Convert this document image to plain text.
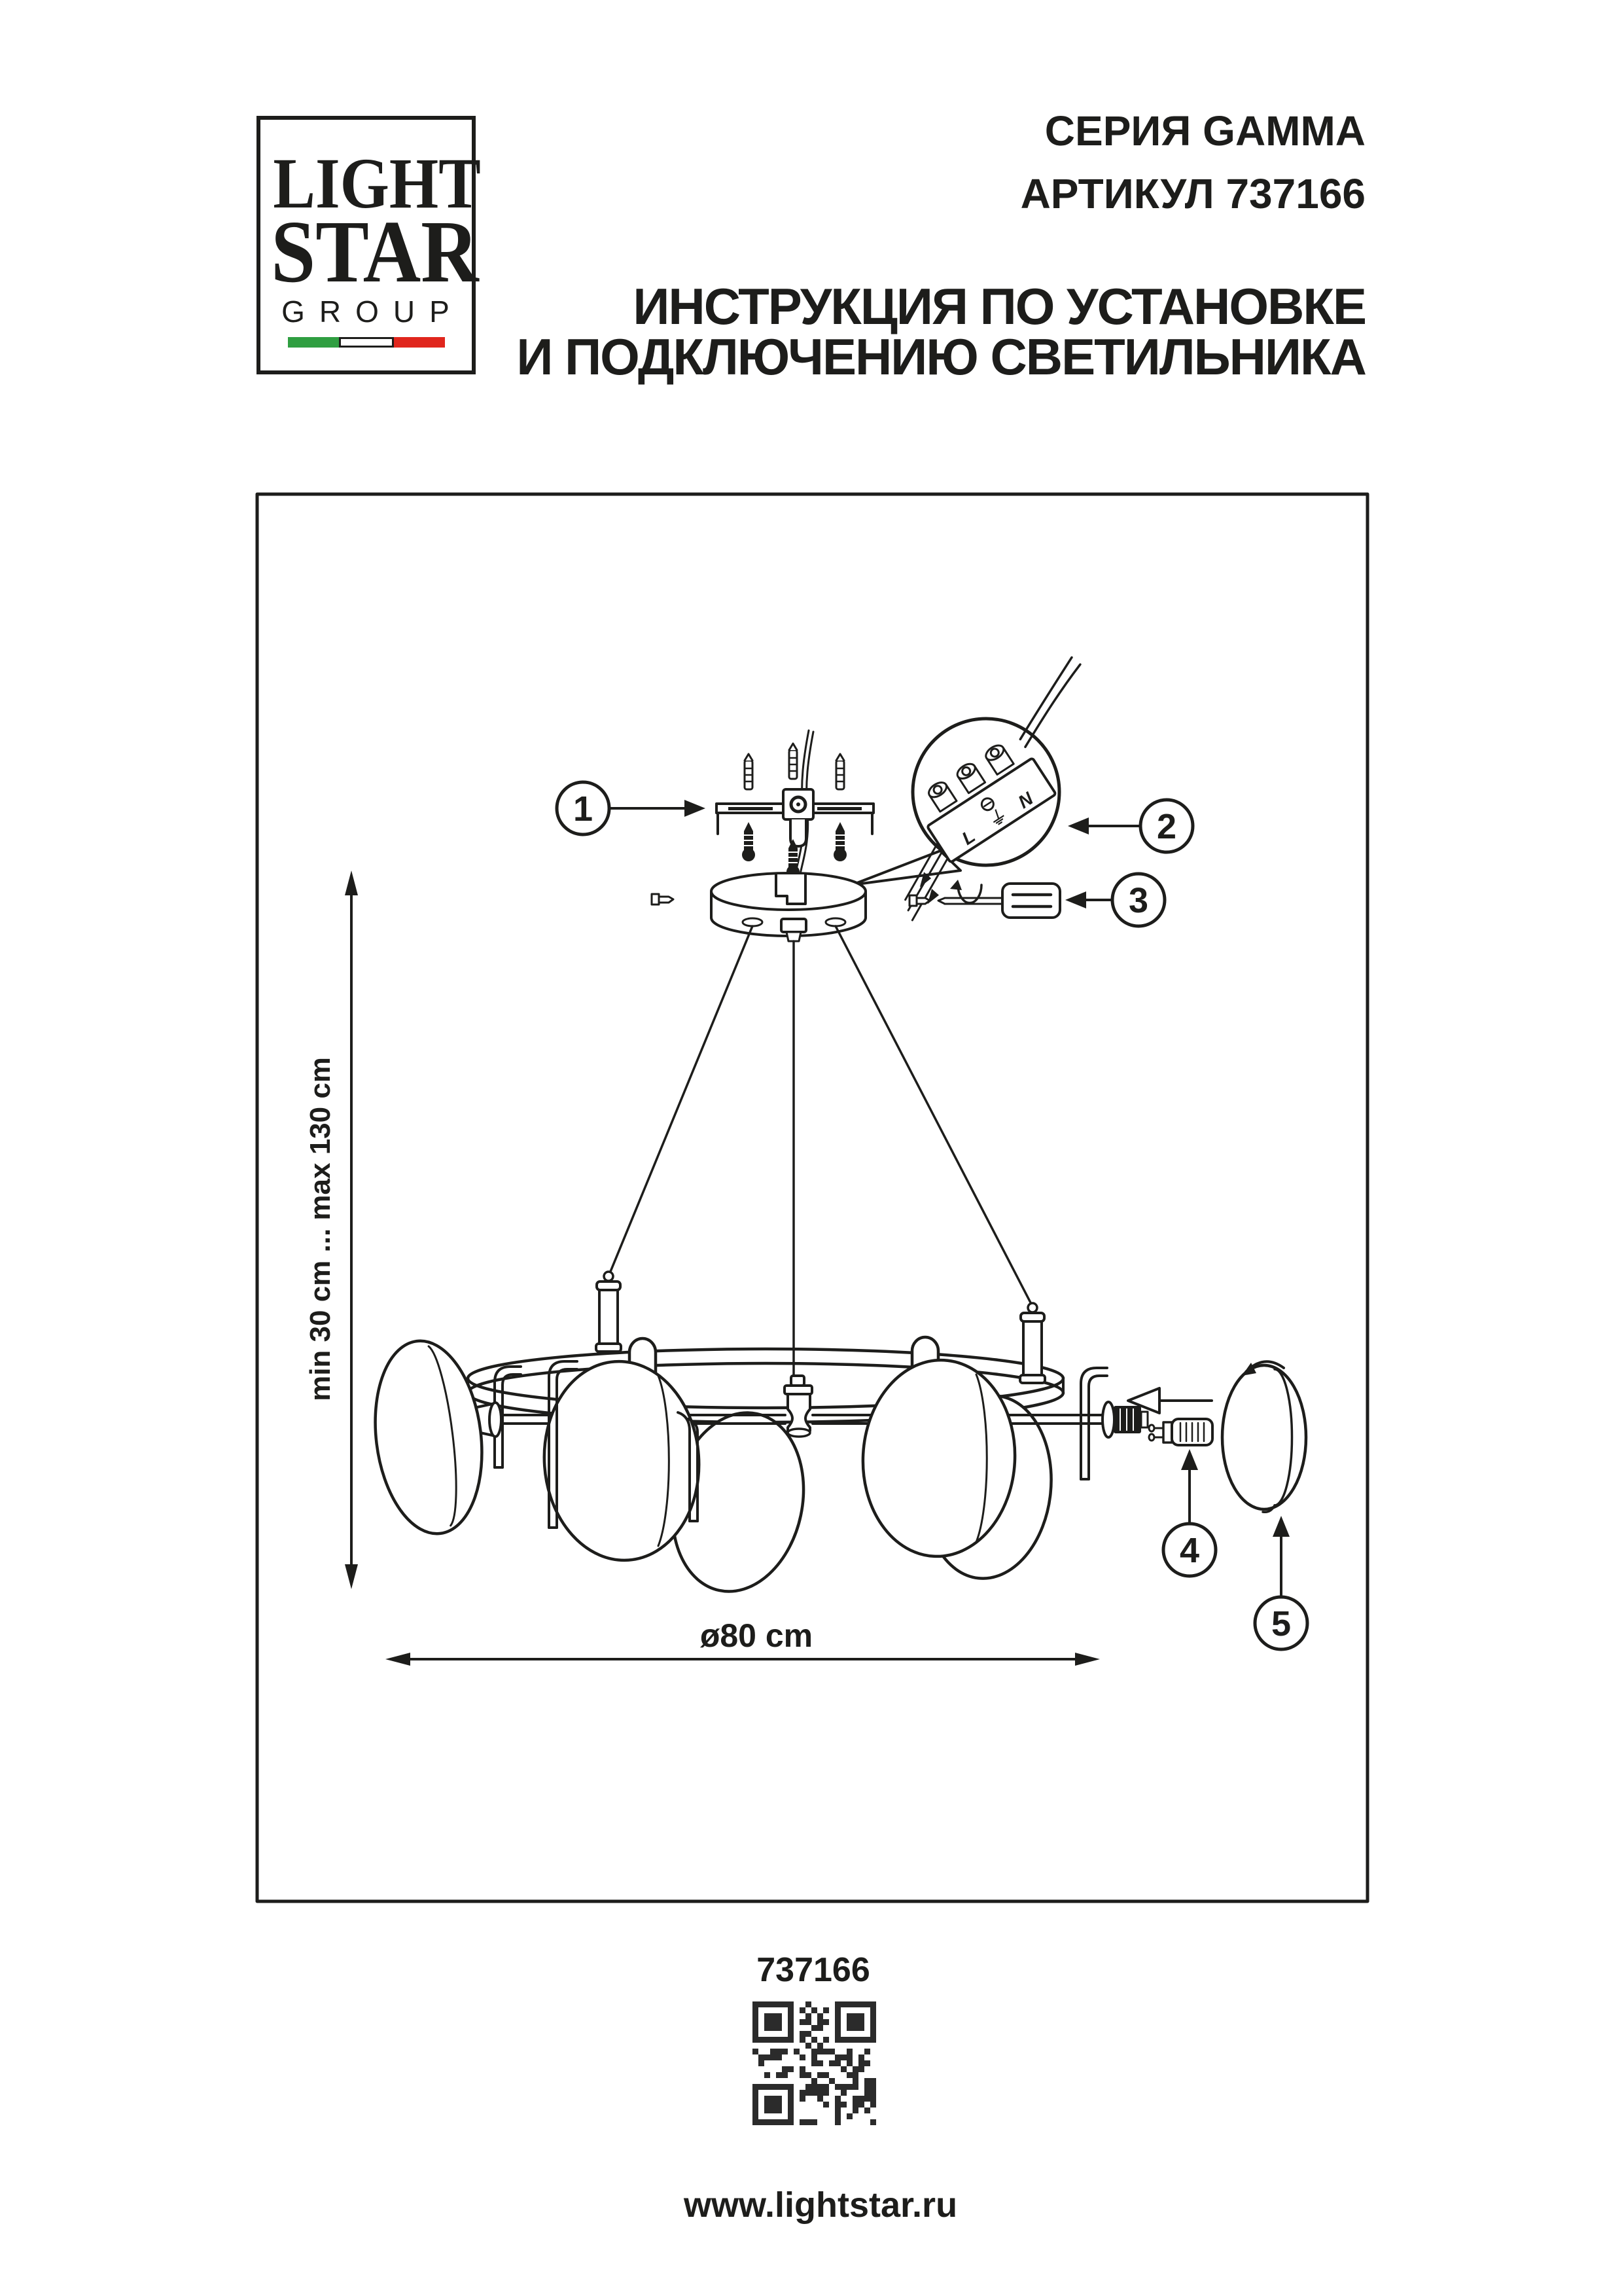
LIGHT
STAR
GROUP
СЕРИЯ GAMMA
АРТИКУЛ 737166
ИНСТРУКЦИЯ ПО УСТАНОВКЕ
И ПОДКЛЮЧЕНИЮ СВЕТИЛЬНИКА
min 30 cm ... max 130 cm
ø80 cm
L
⏚
N
1	2
3
4
5
737166
www.lightstar.ru
